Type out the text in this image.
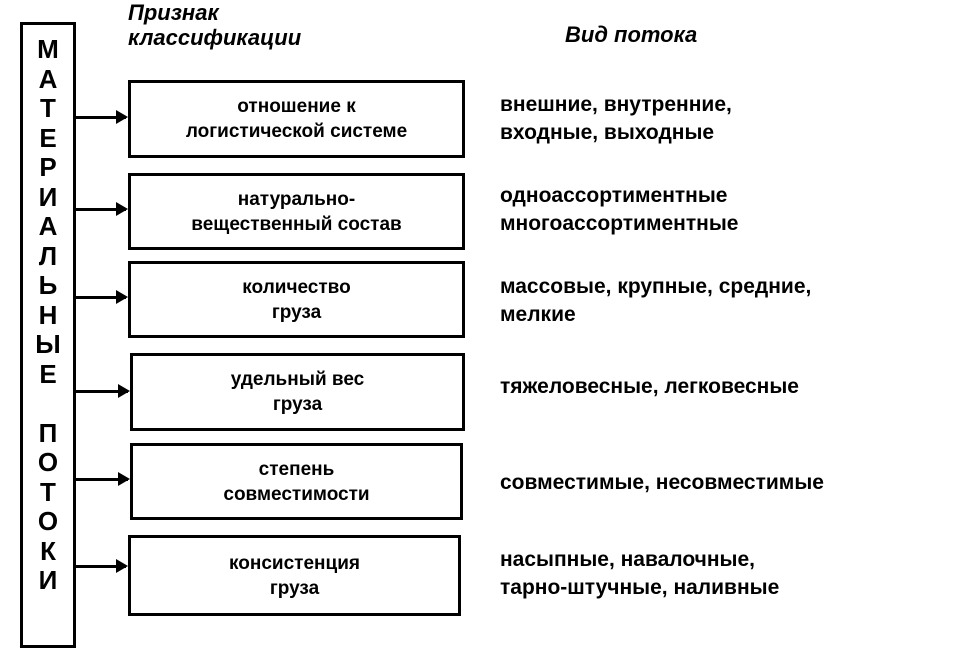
Признак
классификации	Вид потока
М
А
Т
Е
Р
И
А
Л
Ь
Н
Ы
Е
П
О
Т
О
К
И
отношение к
логистической системе
внешние, внутренние,
входные, выходные
натурально-
вещественный состав
одноассортиментные
многоассортиментные
количество
груза
массовые, крупные, средние,
мелкие
удельный вес
груза
тяжеловесные, легковесные
степень
совместимости	совместимые, несовместимые
консистенция
груза
насыпные, навалочные,
тарно-штучные, наливные
